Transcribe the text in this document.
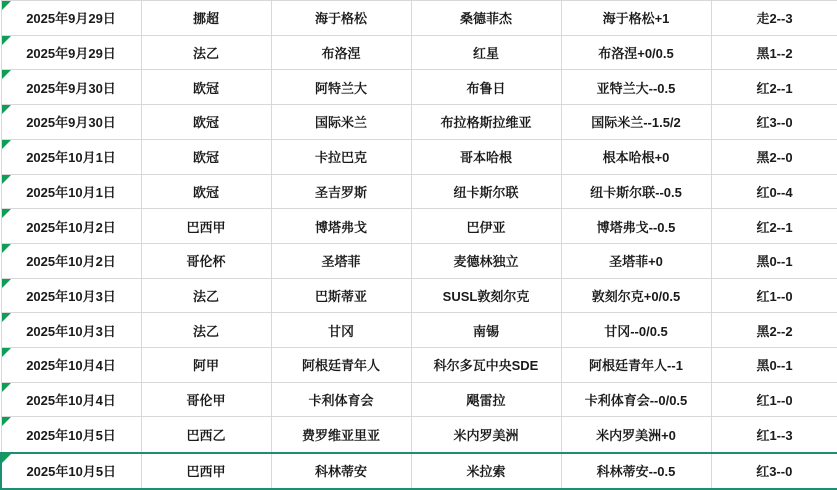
2025年9月29日	挪超	海于格松	桑德菲杰	海于格松+1	走2--3

2025年9月29日	法乙	布洛涅	红星	布洛涅+0/0.5	黑1--2

2025年9月30日	欧冠	阿特兰大	布鲁日	亚特兰大--0.5	红2--1

2025年9月30日	欧冠	国际米兰	布拉格斯拉维亚	国际米兰--1.5/2	红3--0

2025年10月1日	欧冠	卡拉巴克	哥本哈根	根本哈根+0	黑2--0

2025年10月1日	欧冠	圣吉罗斯	纽卡斯尔联	纽卡斯尔联--0.5	红0--4

2025年10月2日	巴西甲	博塔弗戈	巴伊亚	博塔弗戈--0.5	红2--1

2025年10月2日	哥伦杯	圣塔菲	麦德林独立	圣塔菲+0	黑0--1

2025年10月3日	法乙	巴斯蒂亚	SUSL敦刻尔克	敦刻尔克+0/0.5	红1--0

2025年10月3日	法乙	甘冈	南锡	甘冈--0/0.5	黑2--2

2025年10月4日	阿甲	阿根廷青年人	科尔多瓦中央SDE	阿根廷青年人--1	黑0--1

2025年10月4日	哥伦甲	卡利体育会	飓雷拉	卡利体育会--0/0.5	红1--0

2025年10月5日	巴西乙	费罗维亚里亚	米内罗美洲	米内罗美洲+0	红1--3

2025年10月5日	巴西甲	科林蒂安	米拉索	科林蒂安--0.5	红3--0
